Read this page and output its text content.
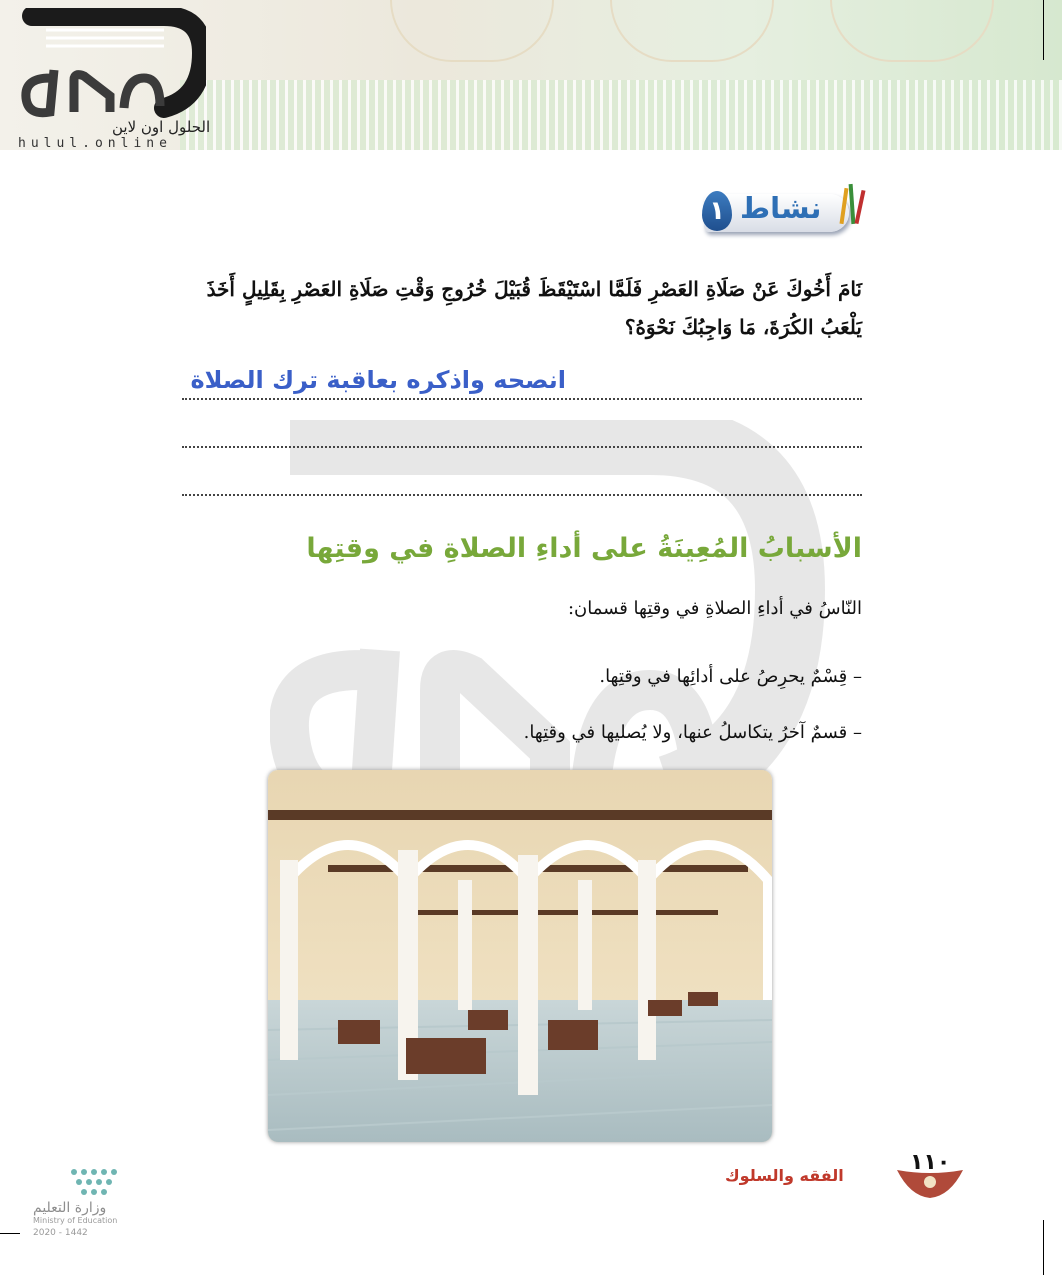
الحلول اون لاين
hulul.online
نشاط
١
نَامَ أَخُوكَ عَنْ صَلَاةِ العَصْرِ فَلَمَّا اسْتَيْقَظَ قُبَيْلَ خُرُوجِ وَقْتِ صَلَاةِ العَصْرِ بِقَلِيلٍ أَخَذَ
يَلْعَبُ الكُرَةَ، مَا وَاجِبُكَ نَحْوَهُ؟
انصحه واذكره بعاقبة ترك الصلاة
الأسبابُ المُعِينَةُ على أداءِ الصلاةِ في وقتِها
النّاسُ في أداءِ الصلاةِ في وقتِها قسمان:
– قِسْمٌ يحرِصُ على أدائِها في وقتِها.
– قسمٌ آخرُ يتكاسلُ عنها، ولا يُصليها في وقتِها.
١١٠
الفقه والسلوك
وزارة التعليم
Ministry of Education
2020 - 1442
